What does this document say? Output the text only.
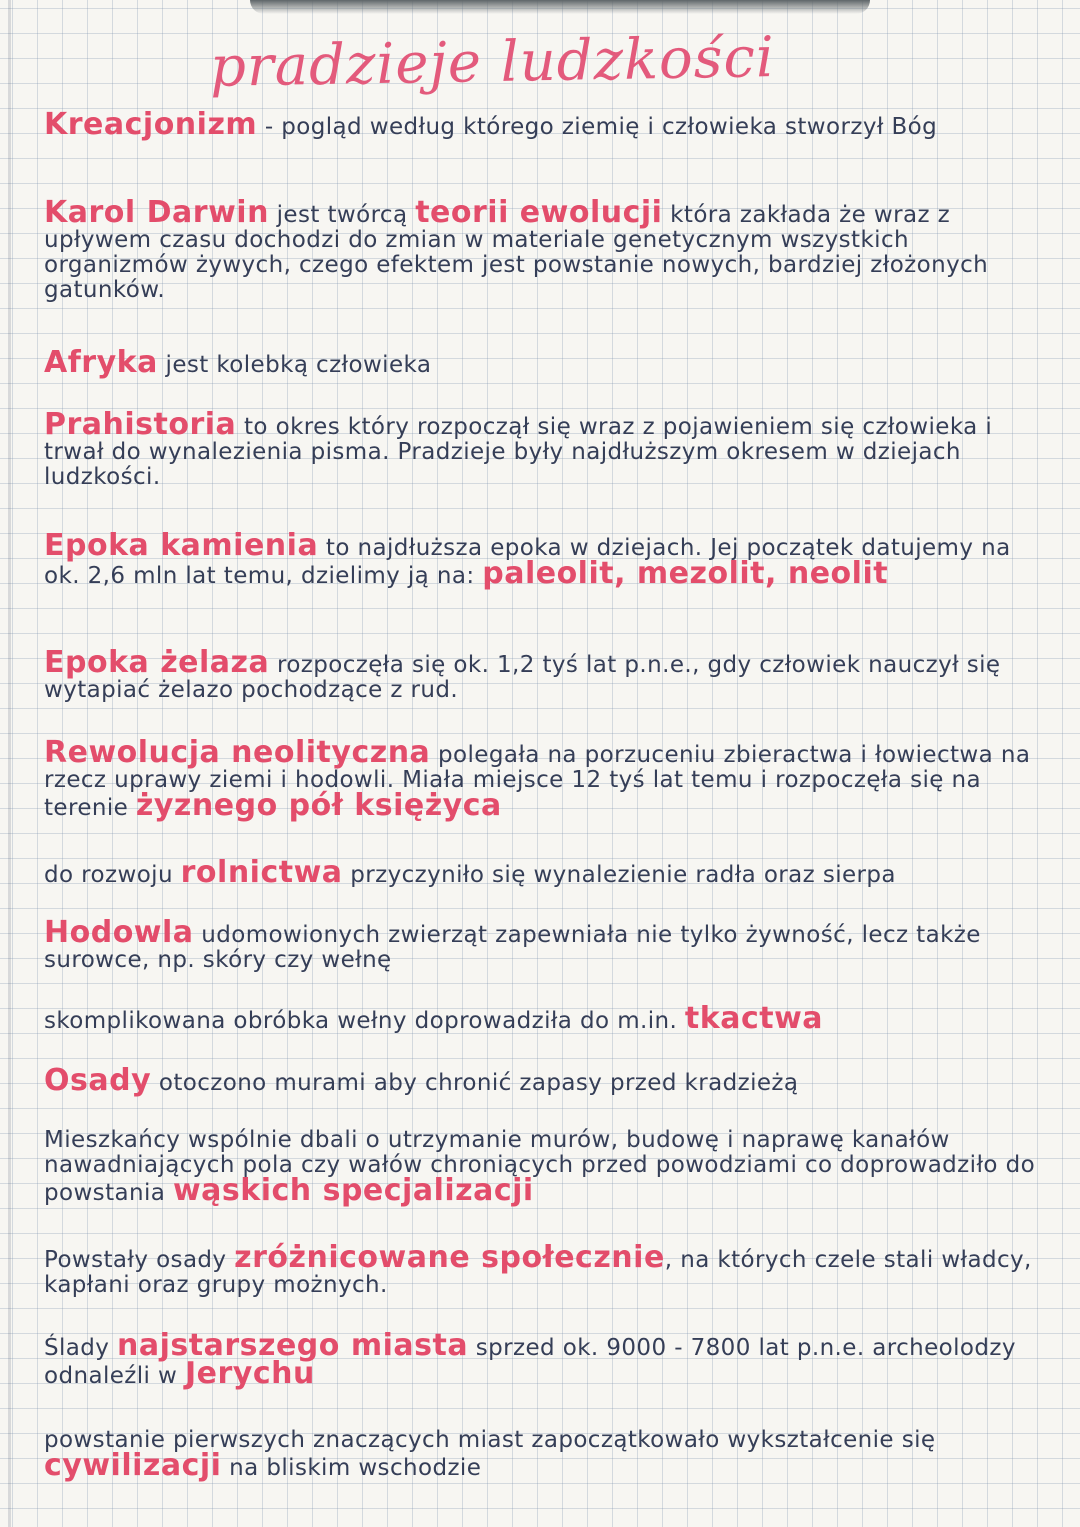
pradzieje ludzkości
Kreacjonizm - pogląd według którego ziemię i człowieka stworzył Bóg
Karol Darwin jest twórcą teorii ewolucji która zakłada że wraz z upływem czasu dochodzi do zmian w materiale genetycznym wszystkich organizmów żywych, czego efektem jest powstanie nowych, bardziej złożonych gatunków.
Afryka jest kolebką człowieka
Prahistoria to okres który rozpoczął się wraz z pojawieniem się człowieka i trwał do wynalezienia pisma. Pradzieje były najdłuższym okresem w dziejach ludzkości.
Epoka kamienia to najdłuższa epoka w dziejach. Jej początek datujemy na ok. 2,6 mln lat temu, dzielimy ją na: paleolit, mezolit, neolit
Epoka żelaza rozpoczęła się ok. 1,2 tyś lat p.n.e., gdy człowiek nauczył się wytapiać żelazo pochodzące z rud.
Rewolucja neolityczna polegała na porzuceniu zbieractwa i łowiectwa na rzecz uprawy ziemi i hodowli. Miała miejsce 12 tyś lat temu i rozpoczęła się na terenie żyznego pół księżyca
do rozwoju rolnictwa przyczyniło się wynalezienie radła oraz sierpa
Hodowla udomowionych zwierząt zapewniała nie tylko żywność, lecz także surowce, np. skóry czy wełnę
skomplikowana obróbka wełny doprowadziła do m.in. tkactwa
Osady otoczono murami aby chronić zapasy przed kradzieżą
Mieszkańcy wspólnie dbali o utrzymanie murów, budowę i naprawę kanałów nawadniających pola czy wałów chroniących przed powodziami co doprowadziło do powstania wąskich specjalizacji
Powstały osady zróżnicowane społecznie, na których czele stali władcy, kapłani oraz grupy możnych.
Ślady najstarszego miasta sprzed ok. 9000 - 7800 lat p.n.e. archeolodzy odnaleźli w Jerychu
powstanie pierwszych znaczących miast zapoczątkowało wykształcenie się cywilizacji na bliskim wschodzie
